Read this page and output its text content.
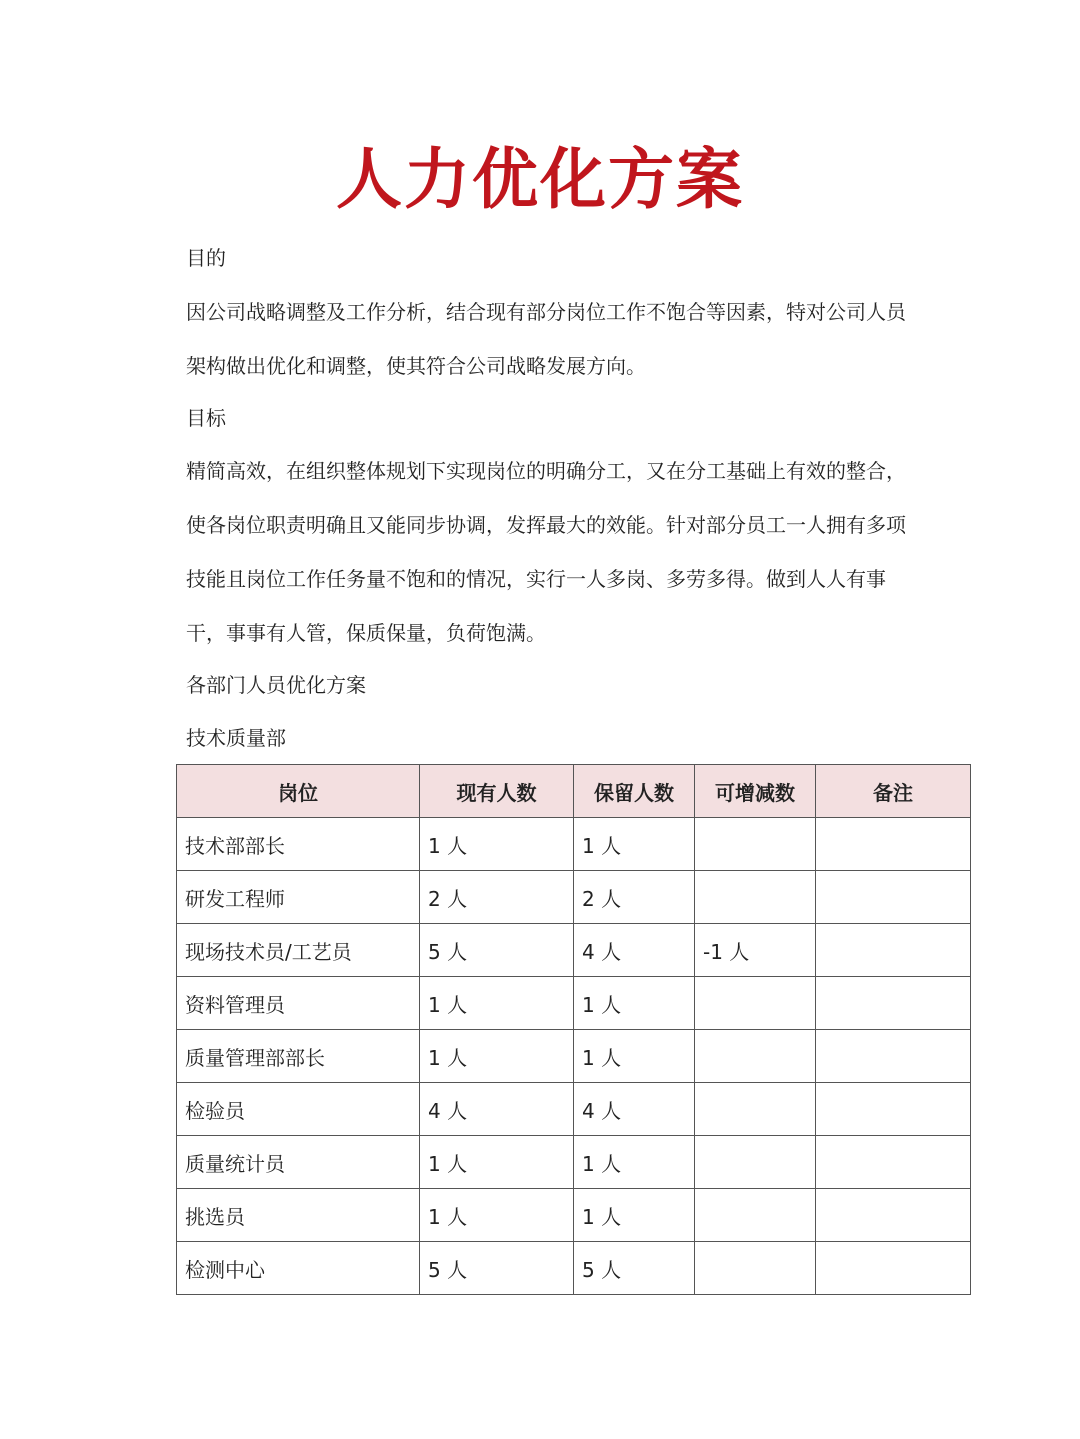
人力优化方案

目的

因公司战略调整及工作分析，结合现有部分岗位工作不饱合等因素，特对公司人员架构做出优化和调整，使其符合公司战略发展方向。

目标

精简高效，在组织整体规划下实现岗位的明确分工，又在分工基础上有效的整合，使各岗位职责明确且又能同步协调，发挥最大的效能。针对部分员工一人拥有多项技能且岗位工作任务量不饱和的情况，实行一人多岗、多劳多得。做到人人有事干，事事有人管，保质保量，负荷饱满。

各部门人员优化方案

技术质量部

岗位	现有人数	保留人数	可增减数	备注
技术部部长	1 人	1 人		
研发工程师	2 人	2 人		
现场技术员/工艺员	5 人	4 人	-1 人	
资料管理员	1 人	1 人		
质量管理部部长	1 人	1 人		
检验员	4 人	4 人		
质量统计员	1 人	1 人		
挑选员	1 人	1 人		
检测中心	5 人	5 人		
